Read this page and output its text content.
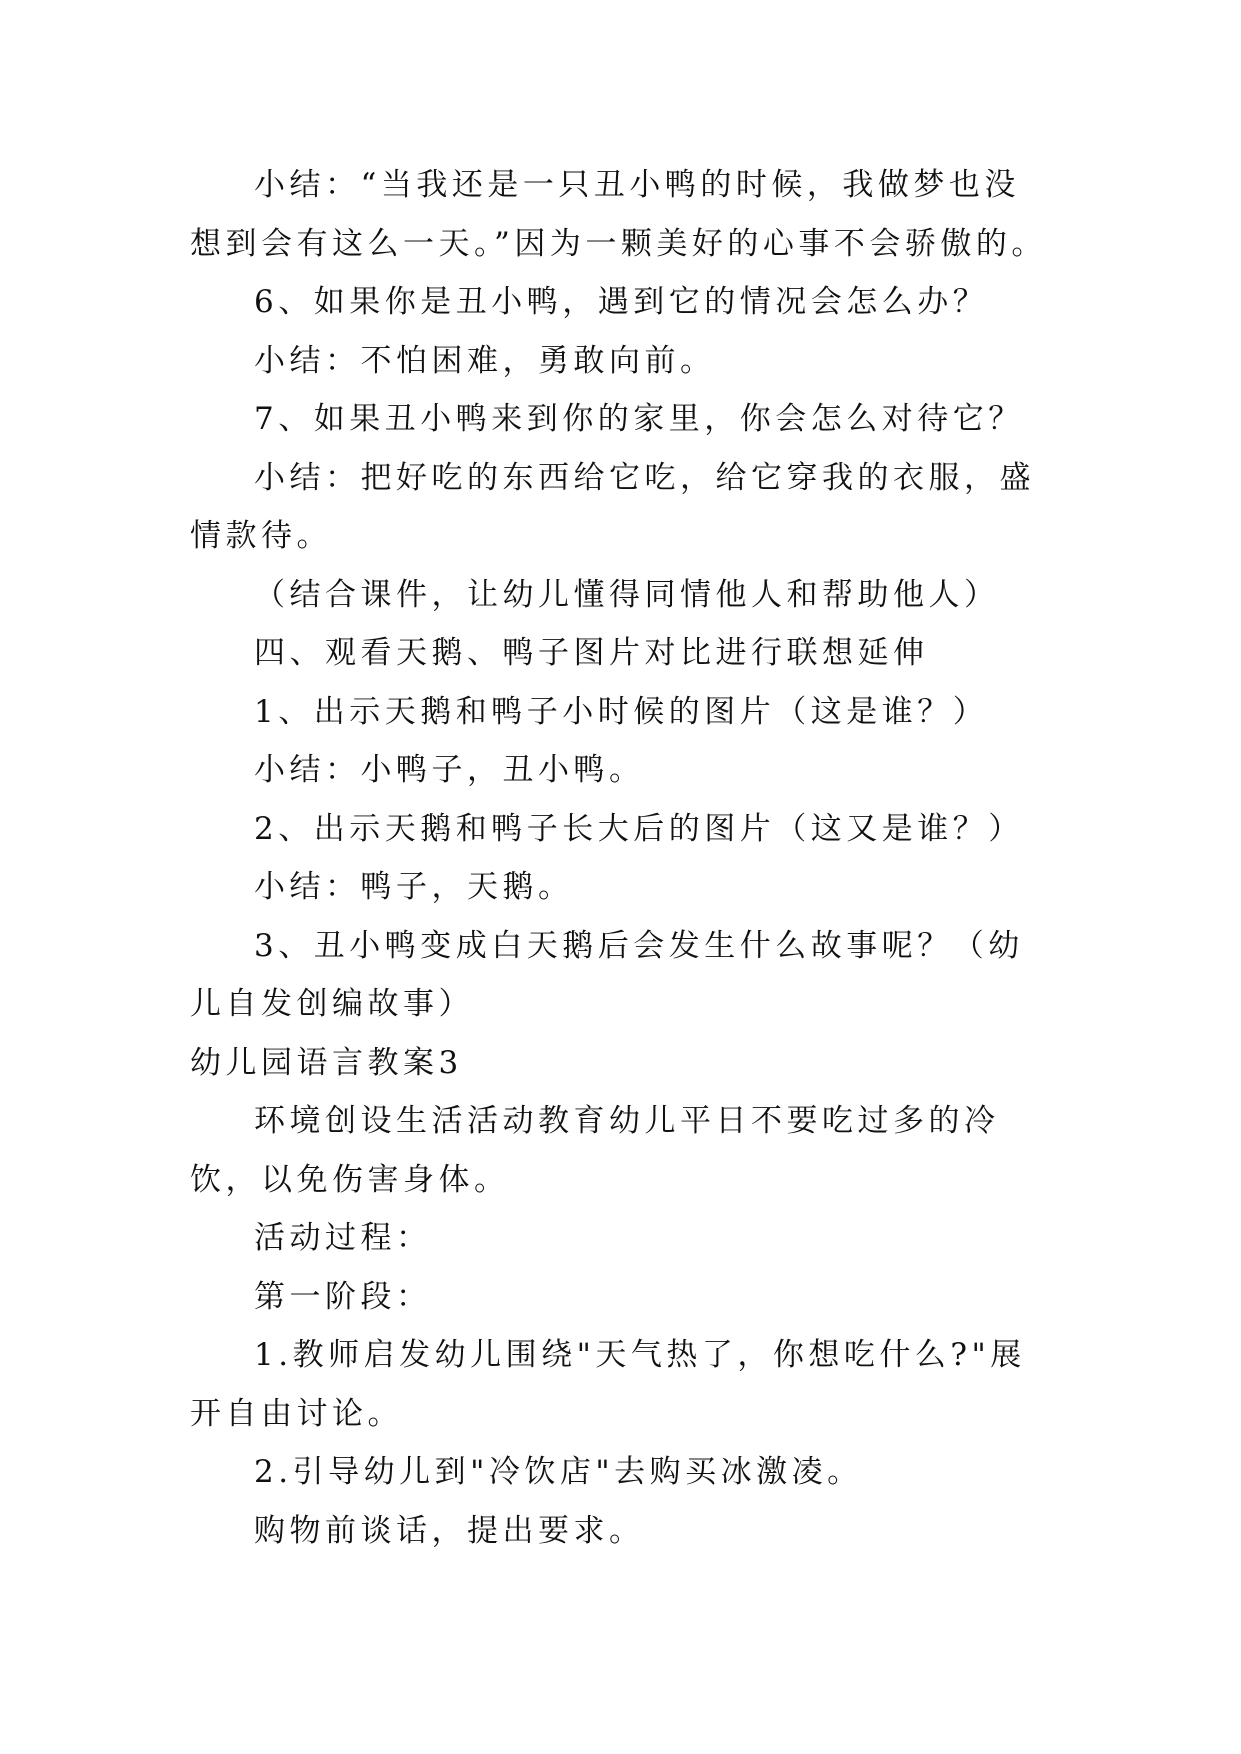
小结：“当我还是一只丑小鸭的时候，我做梦也没想到会有这么一天。”因为一颗美好的心事不会骄傲的。

6、如果你是丑小鸭，遇到它的情况会怎么办？

小结：不怕困难，勇敢向前。

7、如果丑小鸭来到你的家里，你会怎么对待它？

小结：把好吃的东西给它吃，给它穿我的衣服，盛情款待。

（结合课件，让幼儿懂得同情他人和帮助他人）

四、观看天鹅、鸭子图片对比进行联想延伸

1、出示天鹅和鸭子小时候的图片（这是谁？）

小结：小鸭子，丑小鸭。

2、出示天鹅和鸭子长大后的图片（这又是谁？）

小结：鸭子，天鹅。

3、丑小鸭变成白天鹅后会发生什么故事呢？（幼儿自发创编故事）

幼儿园语言教案3

环境创设生活活动教育幼儿平日不要吃过多的冷饮，以免伤害身体。

活动过程：

第一阶段：

1.教师启发幼儿围绕"天气热了，你想吃什么?"展开自由讨论。

2.引导幼儿到"冷饮店"去购买冰激凌。

购物前谈话，提出要求。
